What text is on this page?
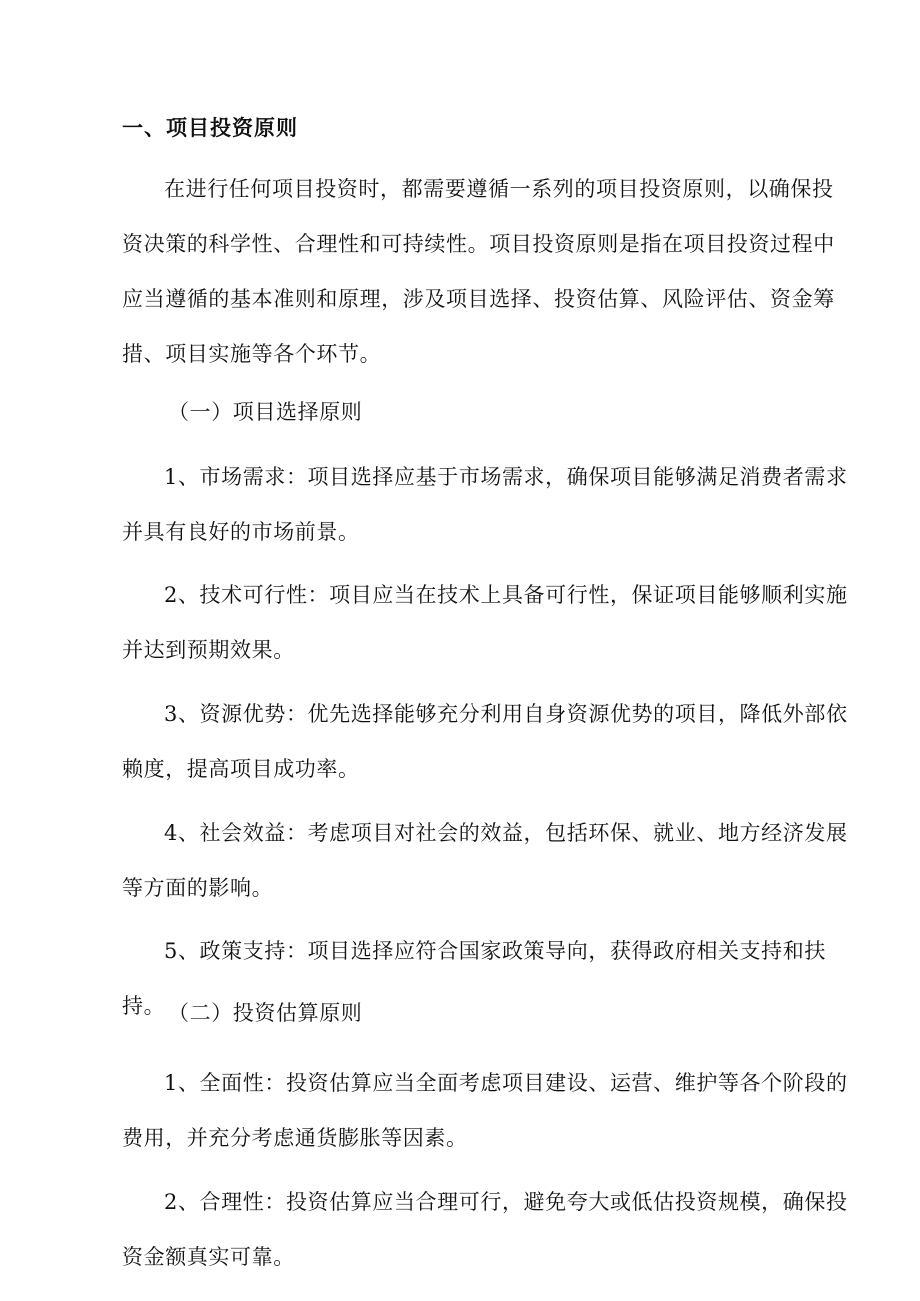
一、项目投资原则

在进行任何项目投资时，都需要遵循一系列的项目投资原则，以确保投资决策的科学性、合理性和可持续性。项目投资原则是指在项目投资过程中应当遵循的基本准则和原理，涉及项目选择、投资估算、风险评估、资金筹措、项目实施等各个环节。

（一）项目选择原则

1、市场需求：项目选择应基于市场需求，确保项目能够满足消费者需求并具有良好的市场前景。

2、技术可行性：项目应当在技术上具备可行性，保证项目能够顺利实施并达到预期效果。

3、资源优势：优先选择能够充分利用自身资源优势的项目，降低外部依赖度，提高项目成功率。

4、社会效益：考虑项目对社会的效益，包括环保、就业、地方经济发展等方面的影响。

5、政策支持：项目选择应符合国家政策导向，获得政府相关支持和扶持。 （二）投资估算原则

1、全面性：投资估算应当全面考虑项目建设、运营、维护等各个阶段的费用，并充分考虑通货膨胀等因素。

2、合理性：投资估算应当合理可行，避免夸大或低估投资规模，确保投资金额真实可靠。
